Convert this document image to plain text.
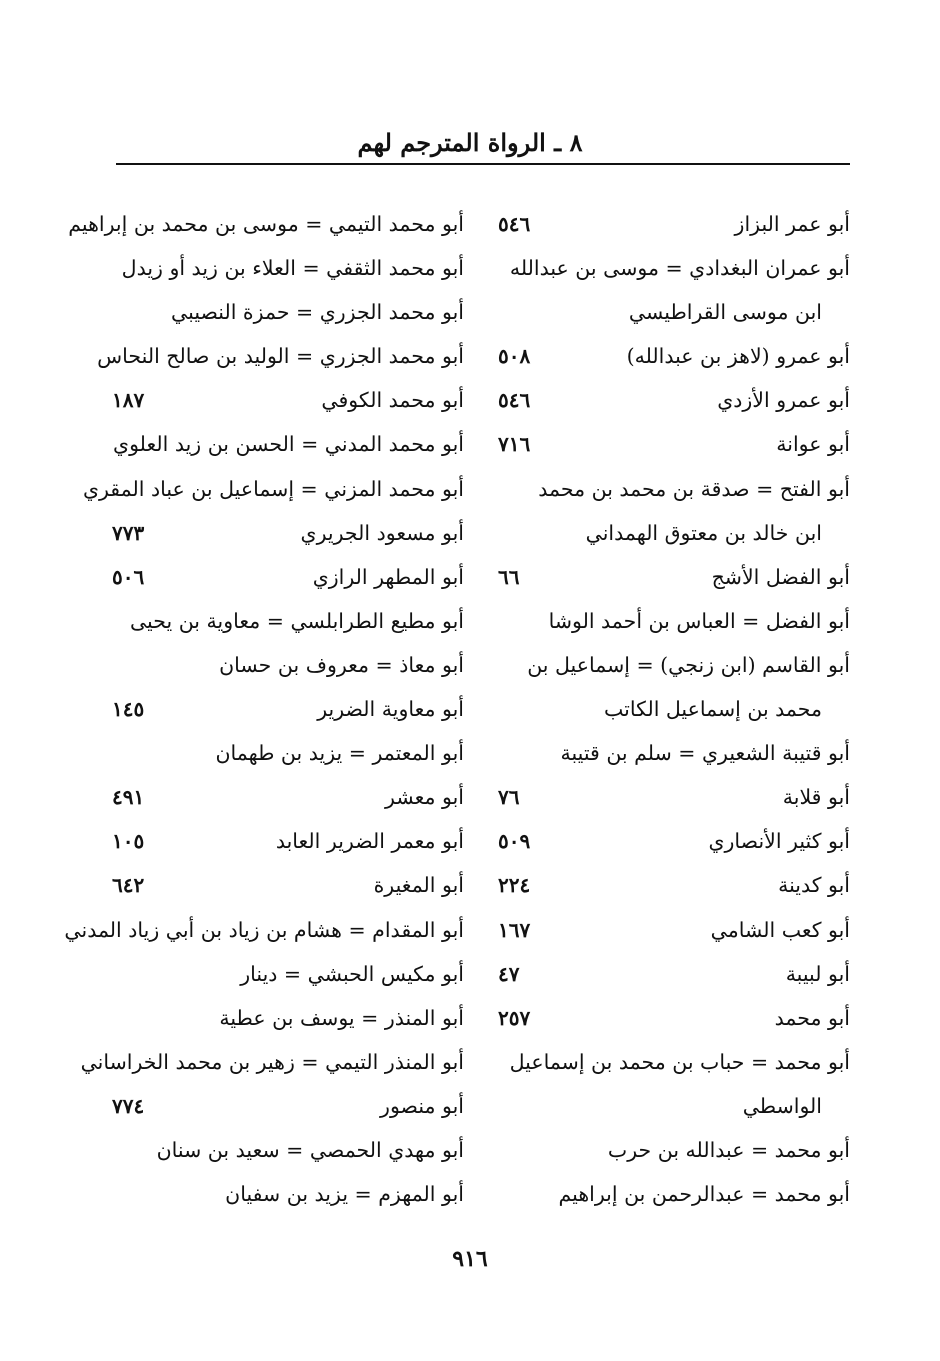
٨ ـ الرواة المترجم لهم
أبو عمر البزاز
٥٤٦
أبو عمران البغدادي = موسى بن عبدالله
ابن موسى القراطيسي
أبو عمرو (لاهز بن عبدالله)
٥٠٨
أبو عمرو الأزدي
٥٤٦
أبو عوانة
٧١٦
أبو الفتح = صدقة بن محمد بن محمد
ابن خالد بن معتوق الهمداني
أبو الفضل الأشج
٦٦
أبو الفضل = العباس بن أحمد الوشا
أبو القاسم (ابن زنجي) = إسماعيل بن
محمد بن إسماعيل الكاتب
أبو قتيبة الشعيري = سلم بن قتيبة
أبو قلابة
٧٦
أبو كثير الأنصاري
٥٠٩
أبو كدينة
٢٢٤
أبو كعب الشامي
١٦٧
أبو لبيبة
٤٧
أبو محمد
٢٥٧
أبو محمد = حباب بن محمد بن إسماعيل
الواسطي
أبو محمد = عبدالله بن حرب
أبو محمد = عبدالرحمن بن إبراهيم
أبو محمد التيمي = موسى بن محمد بن إبراهيم
أبو محمد الثقفي = العلاء بن زيد أو زيدل
أبو محمد الجزري = حمزة النصيبي
أبو محمد الجزري = الوليد بن صالح النحاس
أبو محمد الكوفي
١٨٧
أبو محمد المدني = الحسن بن زيد العلوي
أبو محمد المزني = إسماعيل بن عباد المقري
أبو مسعود الجريري
٧٧٣
أبو المطهر الرازي
٥٠٦
أبو مطيع الطرابلسي = معاوية بن يحيى
أبو معاذ = معروف بن حسان
أبو معاوية الضرير
١٤٥
أبو المعتمر = يزيد بن طهمان
أبو معشر
٤٩١
أبو معمر الضرير العابد
١٠٥
أبو المغيرة
٦٤٢
أبو المقدام = هشام بن زياد بن أبي زياد المدني
أبو مكيس الحبشي = دينار
أبو المنذر = يوسف بن عطية
أبو المنذر التيمي = زهير بن محمد الخراساني
أبو منصور
٧٧٤
أبو مهدي الحمصي = سعيد بن سنان
أبو المهزم = يزيد بن سفيان
٩١٦
